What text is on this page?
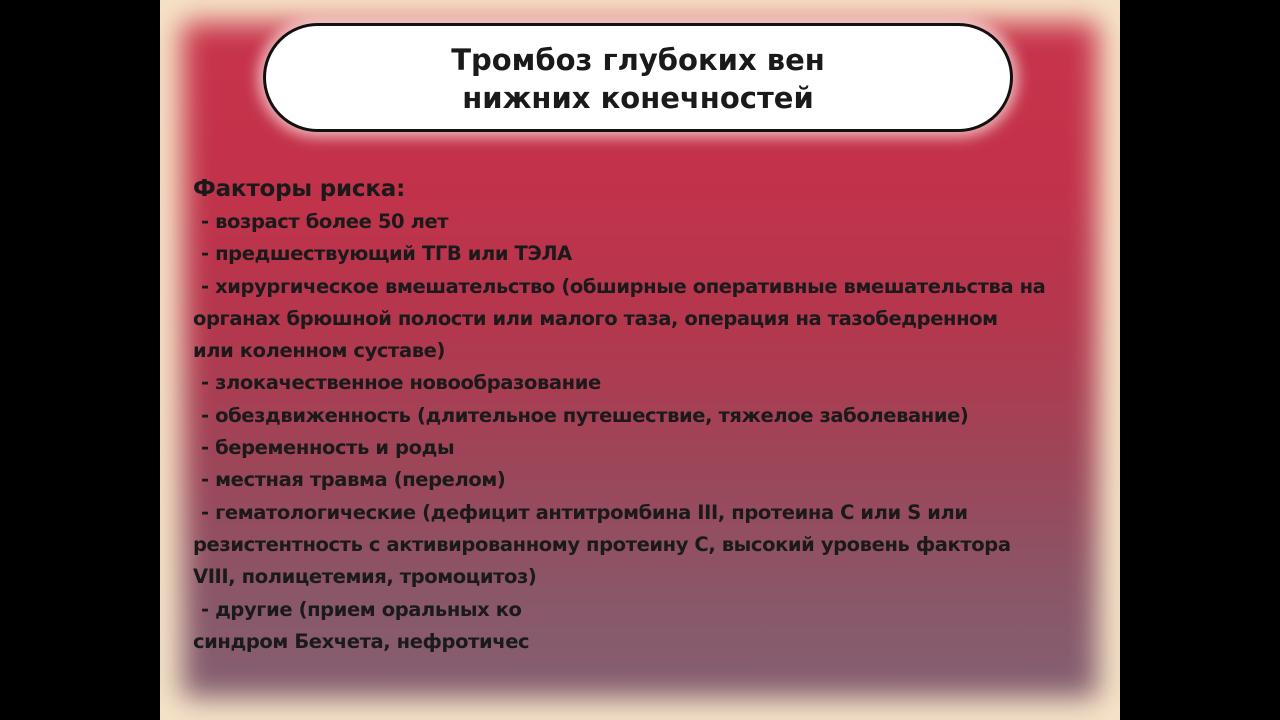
Тромбоз глубоких вен
нижних конечностей
Факторы риска:
- возраст более 50 лет
- предшествующий ТГВ или ТЭЛА
- хирургическое вмешательство (обширные оперативные вмешательства на
органах брюшной полости или малого таза, операция на тазобедренном
или коленном суставе)
- злокачественное новообразование
- обездвиженность (длительное путешествие, тяжелое заболевание)
- беременность и роды
- местная травма (перелом)
- гематологические (дефицит антитромбина III, протеина С или S или
резистентность с активированному протеину С, высокий уровень фактора
VIII, полицетемия, тромоцитоз)
- другие (прием оральных ко
синдром Бехчета, нефротичес
